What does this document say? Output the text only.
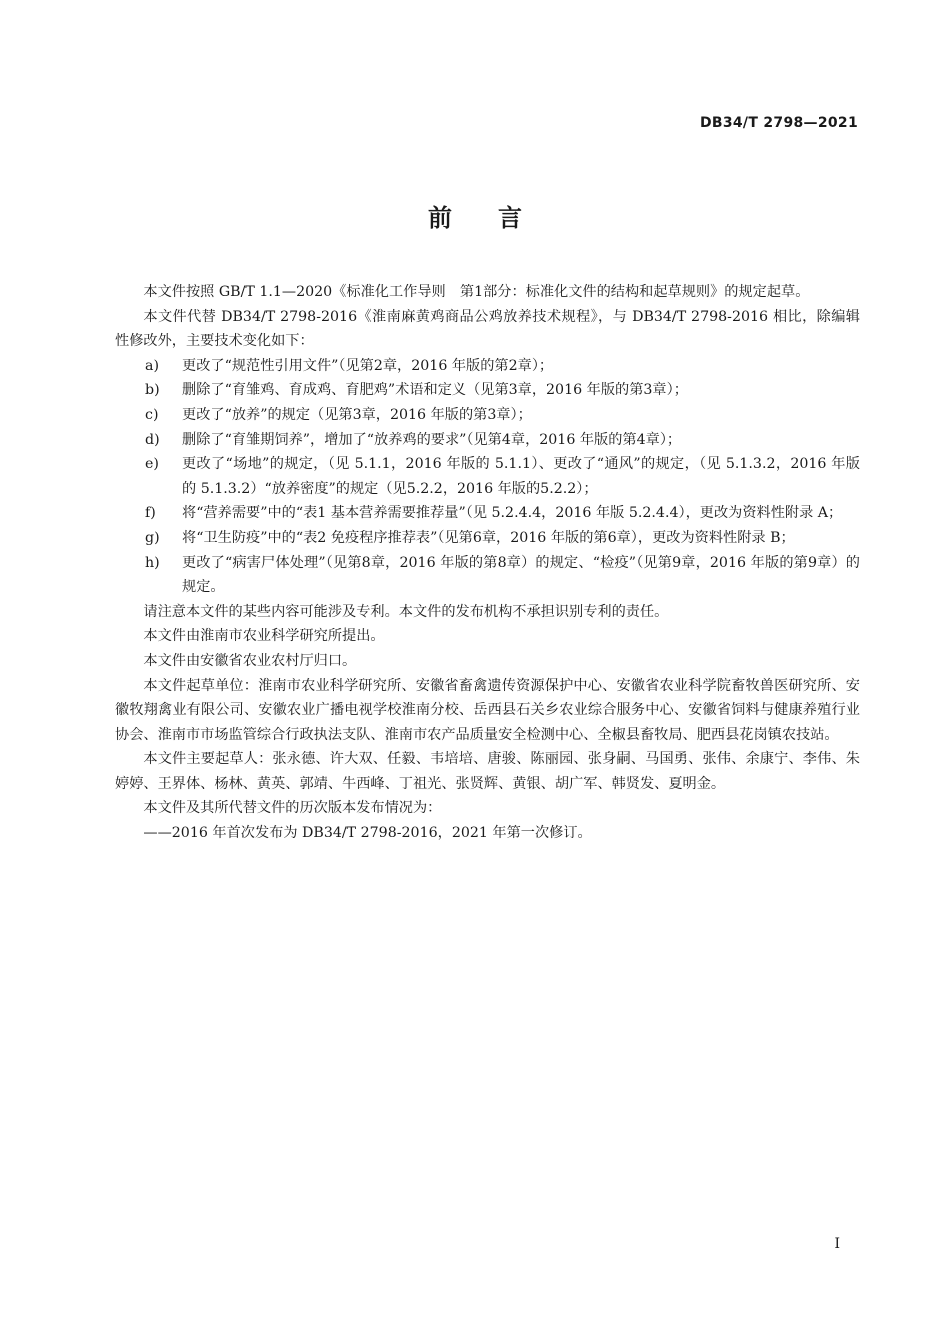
DB34/T 2798—2021
前 言

本文件按照 GB/T 1.1—2020《标准化工作导则　第1部分：标准化文件的结构和起草规则》的规定起草。

本文件代替 DB34/T 2798-2016《淮南麻黄鸡商品公鸡放养技术规程》，与 DB34/T 2798-2016 相比，除编辑性修改外，主要技术变化如下：

a)	更改了“规范性引用文件”（见第2章，2016 年版的第2章）；
b)	删除了“育雏鸡、育成鸡、育肥鸡”术语和定义（见第3章，2016 年版的第3章）；
c)	更改了“放养”的规定（见第3章，2016 年版的第3章）；
d)	删除了“育雏期饲养”，增加了“放养鸡的要求”（见第4章，2016 年版的第4章）；
e)	更改了“场地”的规定，（见 5.1.1，2016 年版的 5.1.1）、更改了“通风”的规定，（见 5.1.3.2，2016 年版的 5.1.3.2）“放养密度”的规定（见5.2.2，2016 年版的5.2.2）；
f)	将“营养需要”中的“表1 基本营养需要推荐量”（见 5.2.4.4，2016 年版 5.2.4.4），更改为资料性附录 A；
g)	将“卫生防疫”中的“表2 免疫程序推荐表”（见第6章，2016 年版的第6章），更改为资料性附录 B；
h)	更改了“病害尸体处理”（见第8章，2016 年版的第8章）的规定、“检疫”（见第9章，2016 年版的第9章）的规定。

请注意本文件的某些内容可能涉及专利。本文件的发布机构不承担识别专利的责任。

本文件由淮南市农业科学研究所提出。

本文件由安徽省农业农村厅归口。

本文件起草单位：淮南市农业科学研究所、安徽省畜禽遗传资源保护中心、安徽省农业科学院畜牧兽医研究所、安徽牧翔禽业有限公司、安徽农业广播电视学校淮南分校、岳西县石关乡农业综合服务中心、安徽省饲料与健康养殖行业协会、淮南市市场监管综合行政执法支队、淮南市农产品质量安全检测中心、全椒县畜牧局、肥西县花岗镇农技站。

本文件主要起草人：张永德、许大双、任毅、韦培培、唐骏、陈丽园、张身嗣、马国勇、张伟、余康宁、李伟、朱婷婷、王界体、杨林、黄英、郭靖、牛西峰、丁祖光、张贤辉、黄银、胡广军、韩贤发、夏明金。

本文件及其所代替文件的历次版本发布情况为：

——2016 年首次发布为 DB34/T 2798-2016，2021 年第一次修订。

I
